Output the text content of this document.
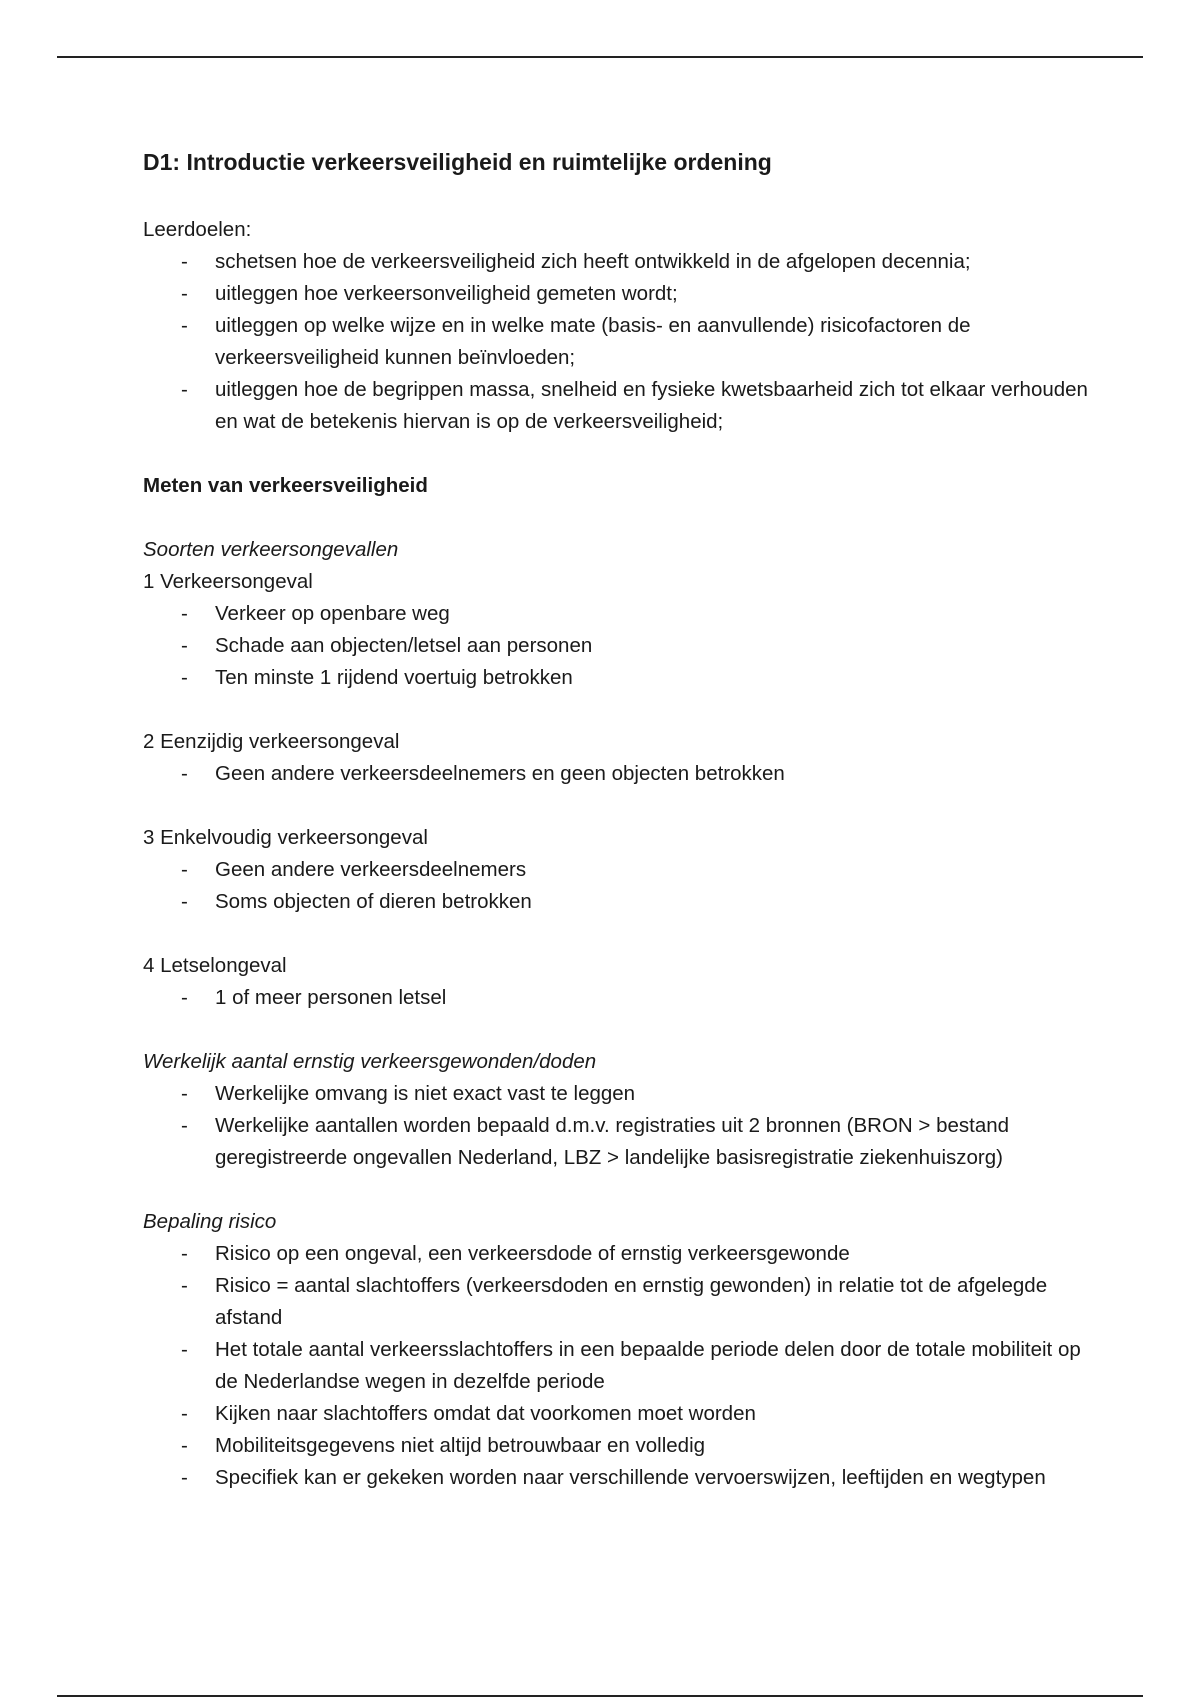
D1: Introductie verkeersveiligheid en ruimtelijke ordening

Leerdoelen:

- schetsen hoe de verkeersveiligheid zich heeft ontwikkeld in de afgelopen decennia;
- uitleggen hoe verkeersonveiligheid gemeten wordt;
- uitleggen op welke wijze en in welke mate (basis- en aanvullende) risicofactoren de verkeersveiligheid kunnen beïnvloeden;
- uitleggen hoe de begrippen massa, snelheid en fysieke kwetsbaarheid zich tot elkaar verhouden en wat de betekenis hiervan is op de verkeersveiligheid;
Meten van verkeersveiligheid

Soorten verkeersongevallen

1 Verkeersongeval

- Verkeer op openbare weg
- Schade aan objecten/letsel aan personen
- Ten minste 1 rijdend voertuig betrokken

2 Eenzijdig verkeersongeval

- Geen andere verkeersdeelnemers en geen objecten betrokken

3 Enkelvoudig verkeersongeval

- Geen andere verkeersdeelnemers
- Soms objecten of dieren betrokken

4 Letselongeval

- 1 of meer personen letsel

Werkelijk aantal ernstig verkeersgewonden/doden

- Werkelijke omvang is niet exact vast te leggen
- Werkelijke aantallen worden bepaald d.m.v. registraties uit 2 bronnen (BRON > bestand geregistreerde ongevallen Nederland, LBZ > landelijke basisregistratie ziekenhuiszorg)

Bepaling risico

- Risico op een ongeval, een verkeersdode of ernstig verkeersgewonde
- Risico = aantal slachtoffers (verkeersdoden en ernstig gewonden) in relatie tot de afgelegde afstand
- Het totale aantal verkeersslachtoffers in een bepaalde periode delen door de totale mobiliteit op de Nederlandse wegen in dezelfde periode
- Kijken naar slachtoffers omdat dat voorkomen moet worden
- Mobiliteitsgegevens niet altijd betrouwbaar en volledig
- Specifiek kan er gekeken worden naar verschillende vervoerswijzen, leeftijden en wegtypen
